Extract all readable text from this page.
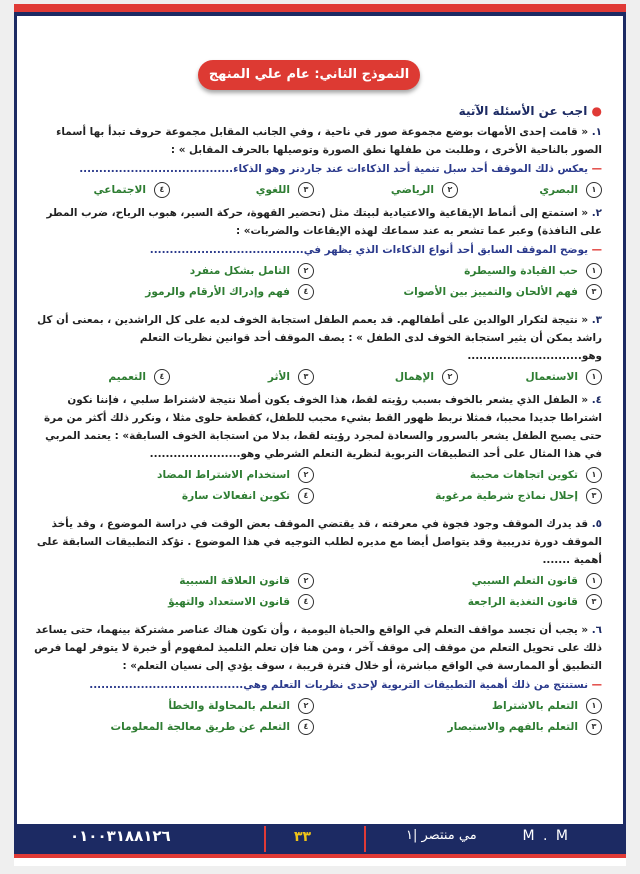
النموذج الثاني: عام علي المنهج
● اجب عن الأسئلة الآتية
١. « قامت إحدى الأمهات بوضع مجموعة صور في ناحية ، وفي الجانب المقابل مجموعة حروف تبدأ بها أسماء الصور بالناحية الأخرى ، وطلبت من طفلها نطق الصورة وتوصيلها بالحرف المقابل » :
— يعكس ذلك الموقف أحد سبل تنمية أحد الذكاءات عند جاردنر وهو الذكاء.......................................
١
البصري
٢
الرياضي
٣
اللغوي
٤
الاجتماعي
٢. « استمتع إلى أنماط الإيقاعية والاعتيادية لبيتك مثل (تحضير القهوة، حركة السير، هبوب الرياح، ضرب المطر على النافذة) وعبر عما تشعر به عند سماعك لهذه الإيقاعات والضربات» :
— يوضح الموقف السابق أحد أنواع الذكاءات الذي يظهر في.......................................
١
حب القيادة والسيطرة
٢
التامل بشكل منفرد
٣
فهم الألحان والتمييز بين الأصوات
٤
فهم وإدراك الأرقام والرموز
٣. « نتيجة لتكرار الوالدين على أطفالهم. قد يعمم الطفل استجابة الخوف لديه على كل الراشدين ، بمعنى أن كل راشد يمكن أن يثير استجابة الخوف لدى الطفل » : يصف الموقف أحد قوانين نظريات التعلم وهو.............................
١
الاستعمال
٢
الإهمال
٣
الأثر
٤
التعميم
٤. « الطفل الذي يشعر بالخوف بسبب رؤيته لقط، هذا الخوف يكون أصلا نتيجة لاشتراط سلبي ، فإننا نكون اشتراطا جديدا محببا، فمثلا نربط ظهور القط بشيء محبب للطفل، كقطعة حلوى مثلا ، ونكرر ذلك أكثر من مرة حتى يصبح الطفل يشعر بالسرور والسعادة لمجرد رؤيته لقط، بدلا من استجابة الخوف السابقة» : يعتمد المربي في هذا المثال على أحد التطبيقات التربوية لنظرية التعلم الشرطي وهو.......................
١
تكوين اتجاهات محببة
٢
استخدام الاشتراط المضاد
٣
إحلال نماذج شرطية مرغوبة
٤
تكوين انفعالات سارة
٥. قد يدرك الموقف وجود فجوة في معرفته ، قد يقتضي الموقف بعض الوقت في دراسة الموضوع ، وقد يأخذ الموقف دورة تدريبية وقد يتواصل أيضا مع مديره لطلب التوجيه في هذا الموضوع . تؤكد التطبيقات السابقة على أهمية .......
١
قانون التعلم السببي
٢
قانون العلاقة السببية
٣
قانون التغذية الراجعة
٤
قانون الاستعداد والتهيؤ
٦. « يجب أن تجسد مواقف التعلم في الواقع والحياة اليومية ، وأن تكون هناك عناصر مشتركة بينهما، حتى يساعد ذلك على تحويل التعلم من موقف إلى موقف آخر ، ومن هنا فإن تعلم التلميذ لمفهوم أو خبرة لا يتوفر لهما فرص التطبيق أو الممارسة في الواقع مباشرة، أو خلال فترة قريبة ، سوف يؤدي إلى نسيان التعلم» :
— نستنتج من ذلك أهمية التطبيقات التربوية لإحدى نظريات التعلم وهي.......................................
١
التعلم بالاشتراط
٢
التعلم بالمحاولة والخطأ
٣
التعلم بالفهم والاستبصار
٤
التعلم عن طريق معالجة المعلومات
٠١٠٠٣١٨٨١٢٦	٣٣	مي منتصر |١	M . M
